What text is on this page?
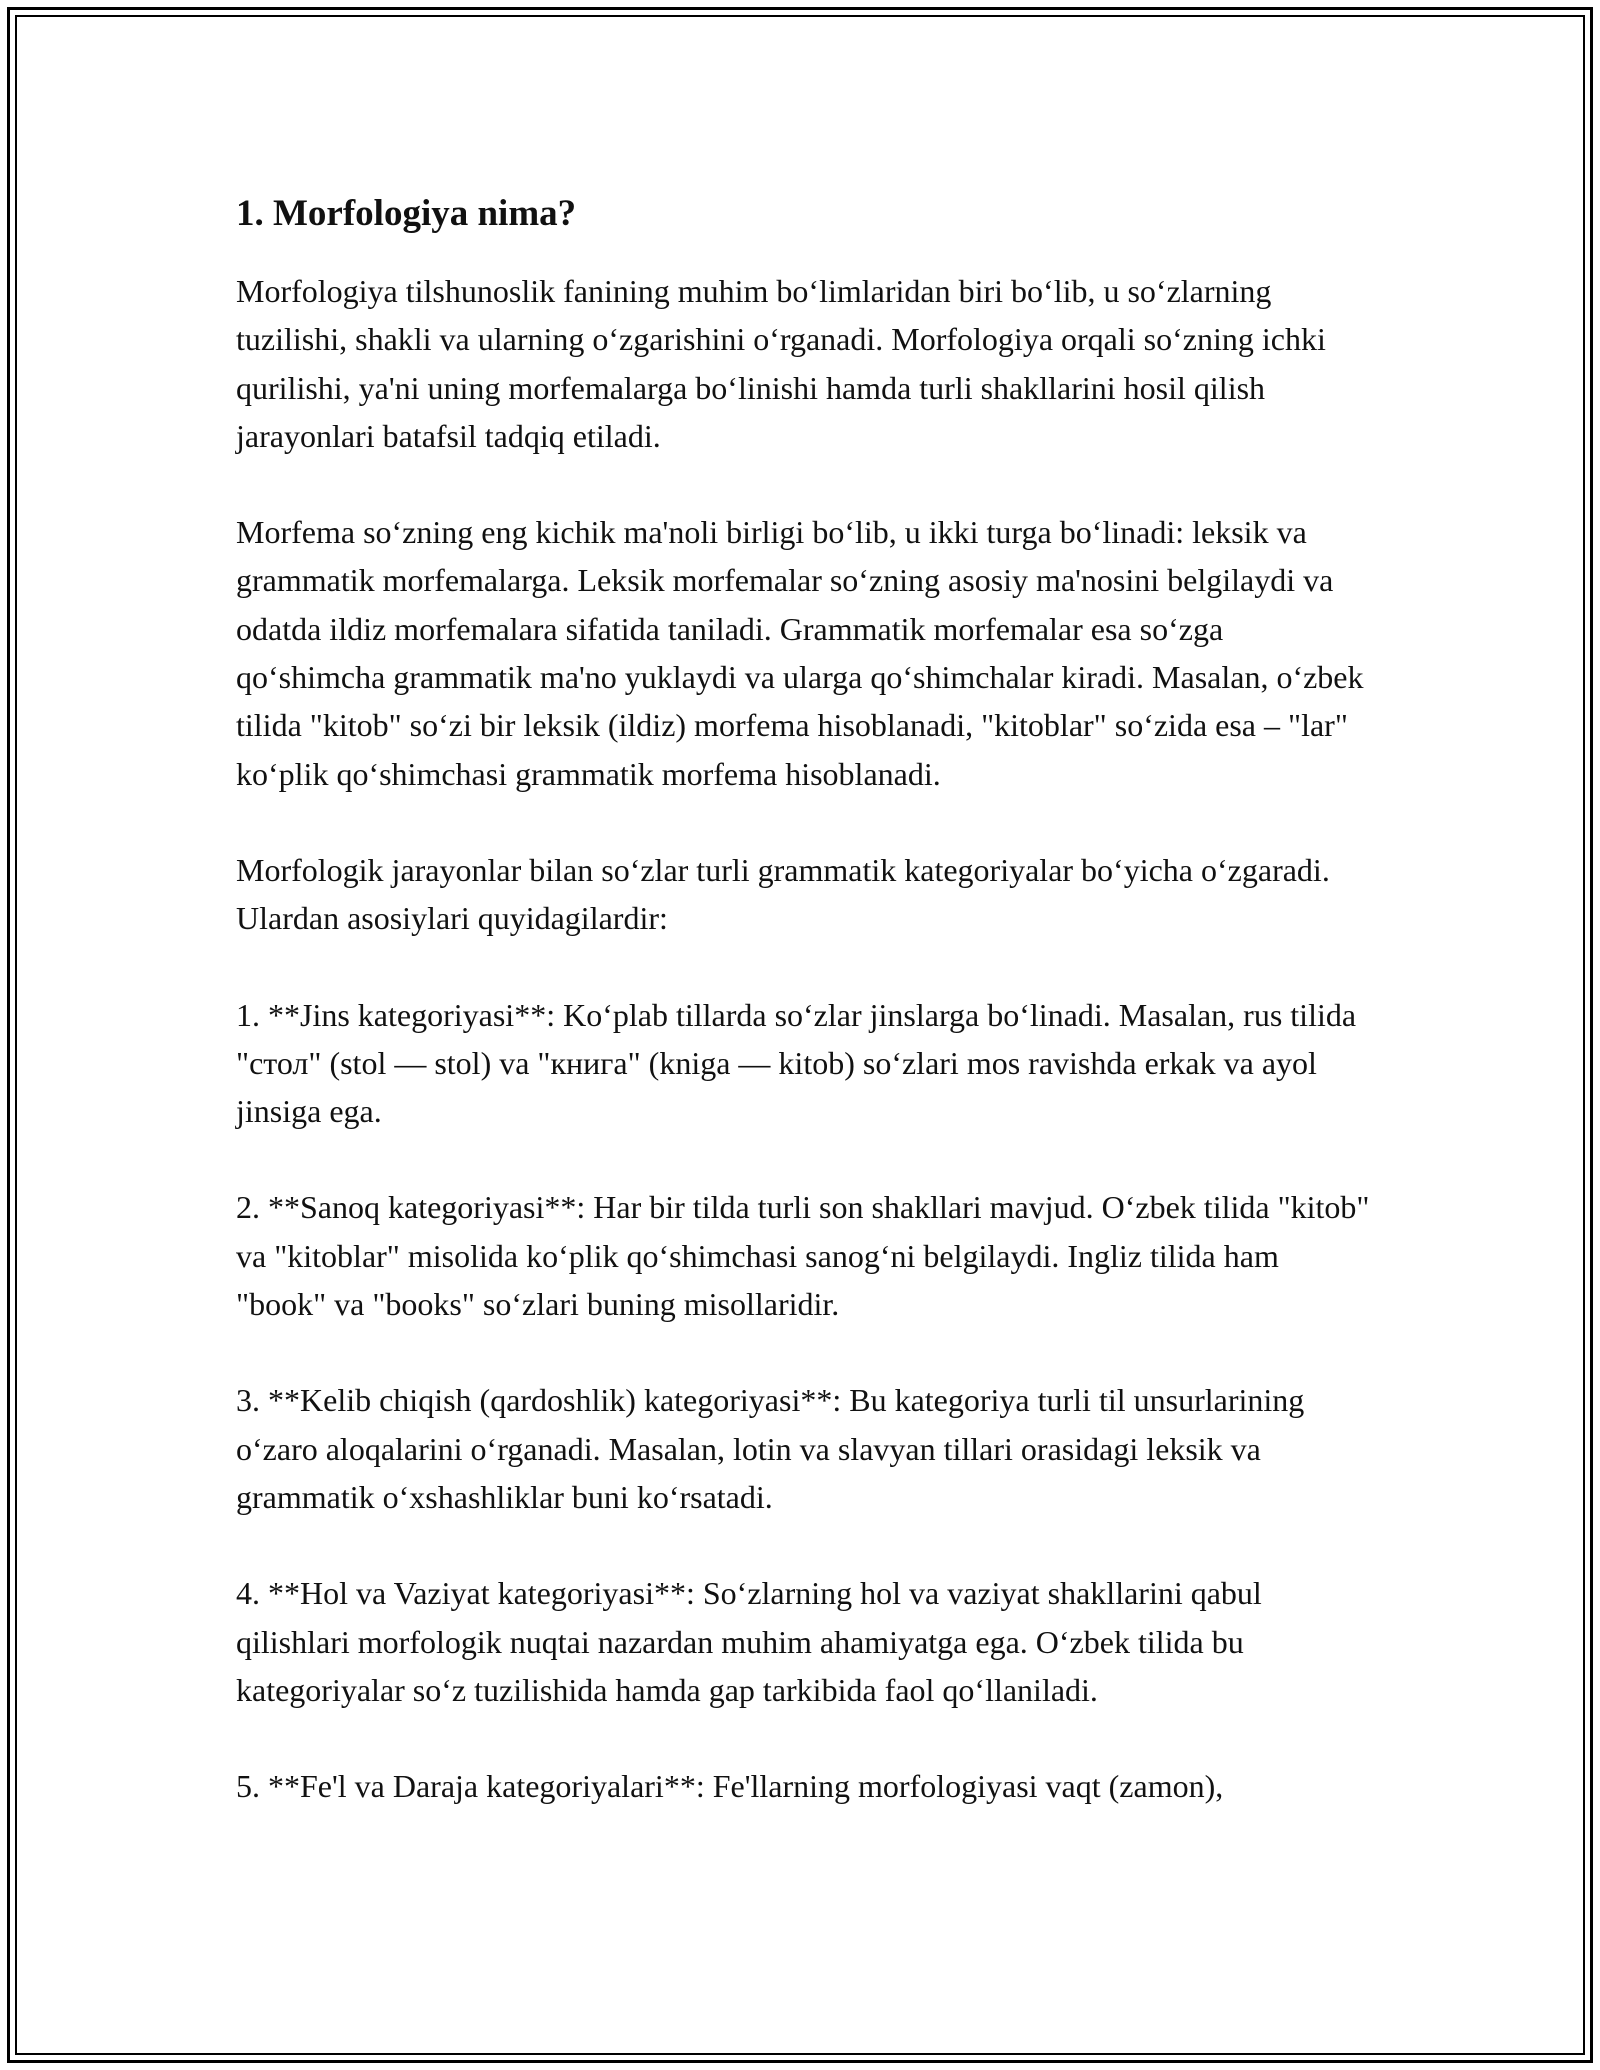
1. Morfologiya nima?

Morfologiya tilshunoslik fanining muhim bo‘limlaridan biri bo‘lib, u so‘zlarning tuzilishi, shakli va ularning o‘zgarishini o‘rganadi. Morfologiya orqali so‘zning ichki qurilishi, ya'ni uning morfemalarga bo‘linishi hamda turli shakllarini hosil qilish jarayonlari batafsil tadqiq etiladi.

Morfema so‘zning eng kichik ma'noli birligi bo‘lib, u ikki turga bo‘linadi: leksik va grammatik morfemalarga. Leksik morfemalar so‘zning asosiy ma'nosini belgilaydi va odatda ildiz morfemalara sifatida taniladi. Grammatik morfemalar esa so‘zga qo‘shimcha grammatik ma'no yuklaydi va ularga qo‘shimchalar kiradi. Masalan, o‘zbek tilida "kitob" so‘zi bir leksik (ildiz) morfema hisoblanadi, "kitoblar" so‘zida esa – "lar" ko‘plik qo‘shimchasi grammatik morfema hisoblanadi.

Morfologik jarayonlar bilan so‘zlar turli grammatik kategoriyalar bo‘yicha o‘zgaradi. Ulardan asosiylari quyidagilardir:

1. **Jins kategoriyasi**: Ko‘plab tillarda so‘zlar jinslarga bo‘linadi. Masalan, rus tilida "стол" (stol — stol) va "книга" (kniga — kitob) so‘zlari mos ravishda erkak va ayol jinsiga ega.

2. **Sanoq kategoriyasi**: Har bir tilda turli son shakllari mavjud. O‘zbek tilida "kitob" va "kitoblar" misolida ko‘plik qo‘shimchasi sanog‘ni belgilaydi. Ingliz tilida ham "book" va "books" so‘zlari buning misollaridir.

3. **Kelib chiqish (qardoshlik) kategoriyasi**: Bu kategoriya turli til unsurlarining o‘zaro aloqalarini o‘rganadi. Masalan, lotin va slavyan tillari orasidagi leksik va grammatik o‘xshashliklar buni ko‘rsatadi.

4. **Hol va Vaziyat kategoriyasi**: So‘zlarning hol va vaziyat shakllarini qabul qilishlari morfologik nuqtai nazardan muhim ahamiyatga ega. O‘zbek tilida bu kategoriyalar so‘z tuzilishida hamda gap tarkibida faol qo‘llaniladi.

5. **Fe'l va Daraja kategoriyalari**: Fe'llarning morfologiyasi vaqt (zamon),
